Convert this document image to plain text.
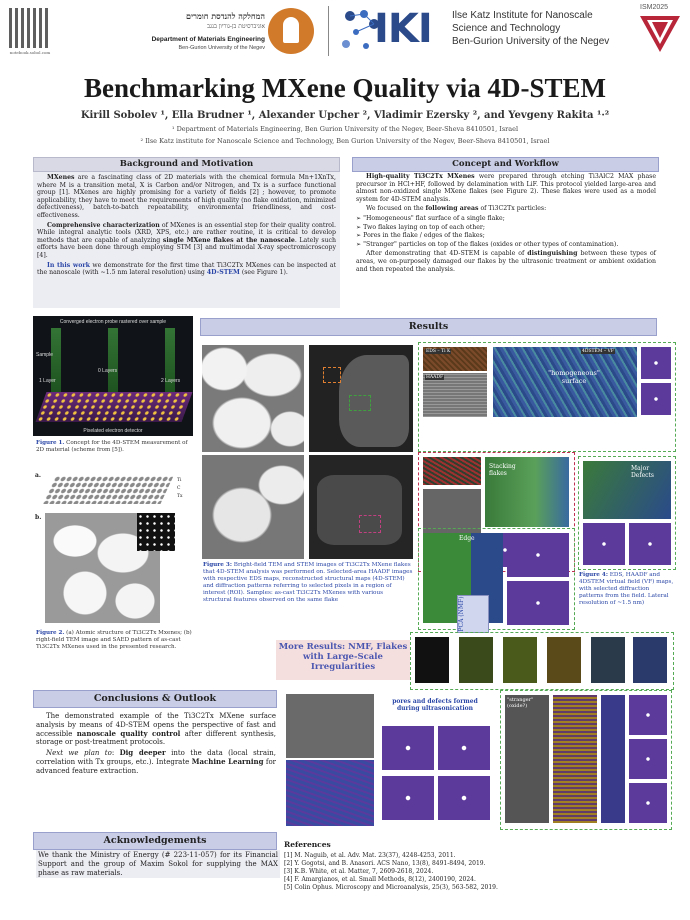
notebook.sobol.com
המחלקה להנדסת חומרים
אוניברסיטת בן-גוריון בנגב
Department of Materials Engineering
Ben-Gurion University of the Negev	IKI Ilse Katz Institute for Nanoscale
Science and Technology
Ben-Gurion University of the Negev
ISM2025
Benchmarking MXene Quality via 4D-STEM
Kirill Sobolev ¹, Ella Brudner ¹, Alexander Upcher ², Vladimir Ezersky ², and Yevgeny Rakita ¹·²
¹ Department of Materials Engineering, Ben Gurion University of the Negev, Beer-Sheva 8410501, Israel
² Ilse Katz institute for Nanoscale Science and Technology, Ben Gurion University of the Negev, Beer-Sheva 8410501, Israel
Background and Motivation

MXenes are a fascinating class of 2D materials with the chemical formula Mn+1XnTx, where M is a transition metal, X is Carbon and/or Nitrogen, and Tx is a surface functional group [1]. MXenes are highly promising for a variety of fields [2] ; however, to promote applicability, they have to meet the requirements of high quality (no flake oxidation, minimized defectiveness), batch-to-batch repeatability, environmental friendliness, and cost-effectiveness.

Comprehensive characterization of MXenes is an essential step for their quality control. While integral analytic tools (XRD, XPS, etc.) are rather routine, it is critical to develop methods that are capable of analyzing single MXene flakes at the nanoscale. Lately such efforts have been done through employing STM [3] and multimodal X-ray spectromicroscopy [4].

In this work we demonstrate for the first time that Ti3C2Tx MXenes can be inspected at the nanoscale (with ~1.5 nm lateral resolution) using 4D-STEM (see Figure 1).

Concept and Workflow

High-quality Ti3C2Tx MXenes were prepared through etching Ti3AlC2 MAX phase precursor in HCl+HF, followed by delamination with LiF. This protocol yielded large-area and almost non-oxidized single MXene flakes (see Figure 2). These flakes were used as a model system for 4D-STEM analysis.

We focused on the following areas of Ti3C2Tx particles:

➢ "Homogeneous" flat surface of a single flake;
➢ Two flakes laying on top of each other;
➢ Pores in the flake / edges of the flakes;
➢ "Stranger" particles on top of the flakes (oxides or other types of contamination).

After demonstrating that 4D-STEM is capable of distinguishing between these types of areas, we on-purposely damaged our flakes by the ultrasonic treatment or ambient oxidation and then repeated the analysis.

Converged electron probe rastered over sample
Sample
0 Layers
1 Layer	2 Layers
Pixelated electron detector
Figure 1. Concept for the 4D-STEM measurement of 2D material (scheme from [5]).
a.
Ti
C
Tx
b.
Figure 2. (a) Atomic structure of Ti3C2Tx Mxenes; (b) right-field TEM image and SAED pattern of as-cast Ti3C2Tx MXenes used in the presented research.
Results
Figure 3: Bright-field TEM and STEM images of Ti3C2Tx MXene flakes that 4D-STEM analysis was performed on. Selected-area HAADF images with respective EDS maps, reconstructed structural maps (4D-STEM) and diffraction patterns referring to selected pixels in a region of interest (ROI). Samples: as-cast Ti3C2Tx MXenes with various structural features observed on the same flake
EDS – Ti K
HAADF
4DSTEM – VF
"homogeneous" surface
Stacking flakes
Major Defects
Edge
PCA (NMF)
Figure 4: EDS, HAADF and 4DSTEM virtual field (VF) maps, with selected diffraction patterns from the field. Lateral resolution of ~1.5 nm)
More Results: NMF, Flakes with Large-Scale Irregularities
pores and defects formed during ultrasonication
"stranger" (oxide?)
Conclusions & Outlook

The demonstrated example of the Ti3C2Tx MXene surface analysis by means of 4D-STEM opens the perspective of fast and accessible nanoscale quality control after different synthesis, storage or post-treatment protocols.

Next we plan to: Dig deeper into the data (local strain, correlation with Tx groups, etc.). Integrate Machine Learning for advanced feature extraction.

Acknowledgements
We thank the Ministry of Energy (# 223-11-057) for its Financial Support and the group of Maxim Sokol for supplying the MAX phase as raw materials.
References
[1] M. Naguib, et al. Adv. Mat. 23(37), 4248-4253, 2011.
[2] Y. Gogotsi, and B. Anasori. ACS Nano, 13(8), 8491-8494, 2019.
[3] K.B. White, et al. Matter, 7, 2609-2618, 2024.
[4] F. Amargianos, et al. Small Methods, 8(12), 2400190, 2024.
[5] Colin Ophus. Microscopy and Microanalysis, 25(3), 563-582, 2019.
